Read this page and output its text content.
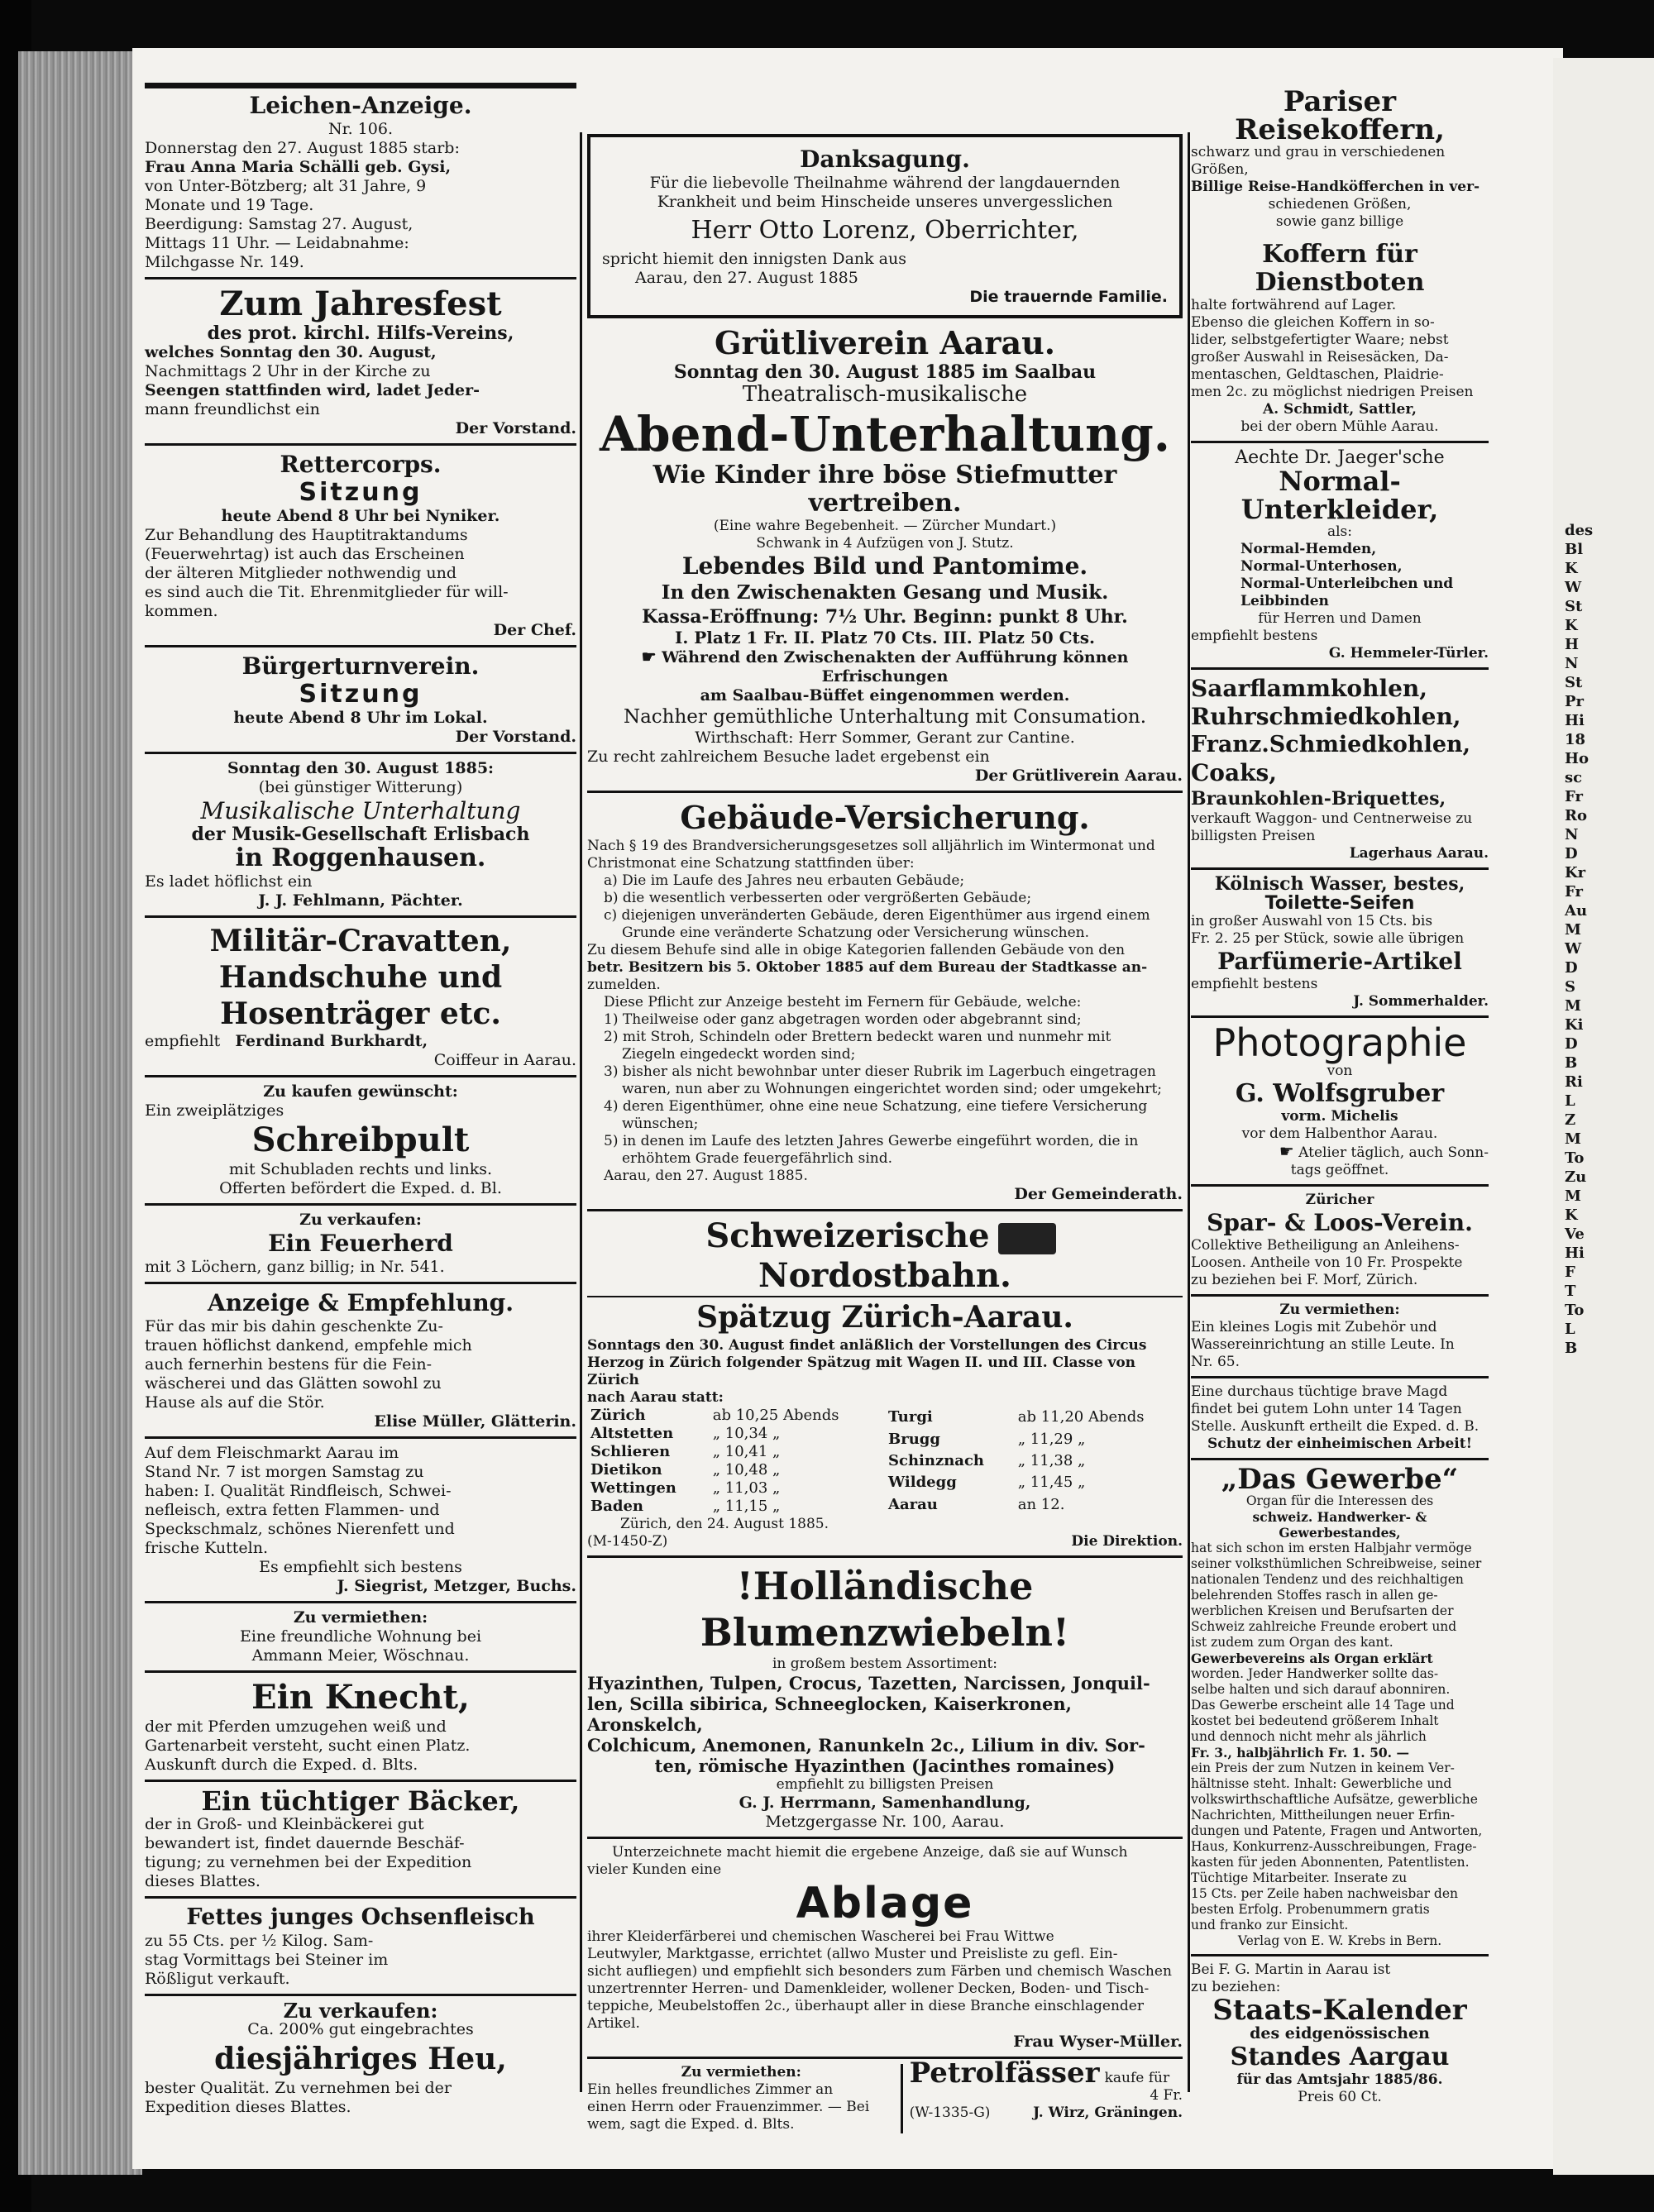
Leichen-Anzeige.

Nr. 106.

Donnerstag den 27. August 1885 starb:

Frau Anna Maria Schälli geb. Gysi,

von Unter-Bötzberg; alt 31 Jahre, 9

Monate und 19 Tage.

Beerdigung: Samstag 27. August,

Mittags 11 Uhr. — Leidabnahme:

Milchgasse Nr. 149.

Zum Jahresfest

des prot. kirchl. Hilfs-Vereins,

welches Sonntag den 30. August,

Nachmittags 2 Uhr in der Kirche zu

Seengen stattfinden wird, ladet Jeder-

mann freundlichst ein

Der Vorstand.

Rettercorps.

Sitzung

heute Abend 8 Uhr bei Nyniker.

Zur Behandlung des Hauptitraktandums

(Feuerwehrtag) ist auch das Erscheinen

der älteren Mitglieder nothwendig und

es sind auch die Tit. Ehrenmitglieder für will-

kommen.

Der Chef.

Bürgerturnverein.

Sitzung

heute Abend 8 Uhr im Lokal.

Der Vorstand.

Sonntag den 30. August 1885:

(bei günstiger Witterung)

Musikalische Unterhaltung

der Musik-Gesellschaft Erlisbach

in Roggenhausen.

Es ladet höflichst ein

J. J. Fehlmann, Pächter.

Militär-Cravatten,

Handschuhe und

Hosenträger etc.

empfiehlt Ferdinand Burkhardt,

Coiffeur in Aarau.

Zu kaufen gewünscht:

Ein zweiplätziges

Schreibpult

mit Schubladen rechts und links.

Offerten befördert die Exped. d. Bl.

Zu verkaufen:

Ein Feuerherd

mit 3 Löchern, ganz billig; in Nr. 541.

Anzeige & Empfehlung.

Für das mir bis dahin geschenkte Zu-

trauen höflichst dankend, empfehle mich

auch fernerhin bestens für die Fein-

wäscherei und das Glätten sowohl zu

Hause als auf die Stör.

Elise Müller, Glätterin.

Auf dem Fleischmarkt Aarau im

Stand Nr. 7 ist morgen Samstag zu

haben: I. Qualität Rindfleisch, Schwei-

nefleisch, extra fetten Flammen- und

Speckschmalz, schönes Nierenfett und

frische Kutteln.

Es empfiehlt sich bestens

J. Siegrist, Metzger, Buchs.

Zu vermiethen:

Eine freundliche Wohnung bei

Ammann Meier, Wöschnau.

Ein Knecht,

der mit Pferden umzugehen weiß und

Gartenarbeit versteht, sucht einen Platz.

Auskunft durch die Exped. d. Blts.

Ein tüchtiger Bäcker,

der in Groß- und Kleinbäckerei gut

bewandert ist, findet dauernde Beschäf-

tigung; zu vernehmen bei der Expedition

dieses Blattes.

Fettes junges Ochsenfleisch

zu 55 Cts. per ½ Kilog. Sam-

stag Vormittags bei Steiner im

Rößligut verkauft.

Zu verkaufen:

Ca. 200% gut eingebrachtes

diesjähriges Heu,

bester Qualität. Zu vernehmen bei der

Expedition dieses Blattes.

Danksagung.

Für die liebevolle Theilnahme während der langdauernden

Krankheit und beim Hinscheide unseres unvergesslichen

Herr Otto Lorenz, Oberrichter,

spricht hiemit den innigsten Dank aus

Aarau, den 27. August 1885

Die trauernde Familie.

Grütliverein Aarau.

Sonntag den 30. August 1885 im Saalbau

Theatralisch-musikalische

Abend-Unterhaltung.

Wie Kinder ihre böse Stiefmutter vertreiben.

(Eine wahre Begebenheit. — Zürcher Mundart.)

Schwank in 4 Aufzügen von J. Stutz.

Lebendes Bild und Pantomime.

In den Zwischenakten Gesang und Musik.

Kassa-Eröffnung: 7½ Uhr. Beginn: punkt 8 Uhr.

I. Platz 1 Fr. II. Platz 70 Cts. III. Platz 50 Cts.

☛ Während den Zwischenakten der Aufführung können Erfrischungen

am Saalbau-Büffet eingenommen werden.

Nachher gemüthliche Unterhaltung mit Consumation.

Wirthschaft: Herr Sommer, Gerant zur Cantine.

Zu recht zahlreichem Besuche ladet ergebenst ein

Der Grütliverein Aarau.

Gebäude-Versicherung.

Nach § 19 des Brandversicherungsgesetzes soll alljährlich im Wintermonat und

Christmonat eine Schatzung stattfinden über:

a) Die im Laufe des Jahres neu erbauten Gebäude;

b) die wesentlich verbesserten oder vergrößerten Gebäude;

c) diejenigen unveränderten Gebäude, deren Eigenthümer aus irgend einem

Grunde eine veränderte Schatzung oder Versicherung wünschen.

Zu diesem Behufe sind alle in obige Kategorien fallenden Gebäude von den

betr. Besitzern bis 5. Oktober 1885 auf dem Bureau der Stadtkasse an-

zumelden.

Diese Pflicht zur Anzeige besteht im Fernern für Gebäude, welche:

1) Theilweise oder ganz abgetragen worden oder abgebrannt sind;

2) mit Stroh, Schindeln oder Brettern bedeckt waren und nunmehr mit

Ziegeln eingedeckt worden sind;

3) bisher als nicht bewohnbar unter dieser Rubrik im Lagerbuch eingetragen

waren, nun aber zu Wohnungen eingerichtet worden sind; oder umgekehrt;

4) deren Eigenthümer, ohne eine neue Schatzung, eine tiefere Versicherung

wünschen;

5) in denen im Laufe des letzten Jahres Gewerbe eingeführt worden, die in

erhöhtem Grade feuergefährlich sind.

Aarau, den 27. August 1885.

Der Gemeinderath.

SchweizerischeNordostbahn.

Spätzug Zürich-Aarau.

Sonntags den 30. August findet anläßlich der Vorstellungen des Circus

Herzog in Zürich folgender Spätzug mit Wagen II. und III. Classe von Zürich

nach Aarau statt:

Zürich	ab 10,25 Abends
Altstetten	„ 10,34 „
Schlieren	„ 10,41 „
Dietikon	„ 10,48 „
Wettingen	„ 11,03 „
Baden	„ 11,15 „
Turgi	ab 11,20 Abends
Brugg	„ 11,29 „
Schinznach	„ 11,38 „
Wildegg	„ 11,45 „
Aarau	an 12.

Zürich, den 24. August 1885.

(M-1450-Z)	Die Direktion.

!Holländische Blumenzwiebeln!

in großem bestem Assortiment:

Hyazinthen, Tulpen, Crocus, Tazetten, Narcissen, Jonquil-

len, Scilla sibirica, Schneeglocken, Kaiserkronen, Aronskelch,

Colchicum, Anemonen, Ranunkeln 2c., Lilium in div. Sor-

ten, römische Hyazinthen (Jacinthes romaines)

empfiehlt zu billigsten Preisen

G. J. Herrmann, Samenhandlung,

Metzgergasse Nr. 100, Aarau.

Unterzeichnete macht hiemit die ergebene Anzeige, daß sie auf Wunsch

vieler Kunden eine

Ablage

ihrer Kleiderfärberei und chemischen Wascherei bei Frau Wittwe

Leutwyler, Marktgasse, errichtet (allwo Muster und Preisliste zu gefl. Ein-

sicht aufliegen) und empfiehlt sich besonders zum Färben und chemisch Waschen

unzertrennter Herren- und Damenkleider, wollener Decken, Boden- und Tisch-

teppiche, Meubelstoffen 2c., überhaupt aller in diese Branche einschlagender

Artikel.

Frau Wyser-Müller.

Zu vermiethen:

Ein helles freundliches Zimmer an

einen Herrn oder Frauenzimmer. — Bei

wem, sagt die Exped. d. Blts.

Petrolfässer kaufe für

4 Fr.

(W-1335-G)	J. Wirz, Gräningen.

Pariser Reisekoffern,

schwarz und grau in verschiedenen Größen,

Billige Reise-Handköfferchen in ver-

schiedenen Größen,

sowie ganz billige

Koffern für Dienstboten

halte fortwährend auf Lager.

Ebenso die gleichen Koffern in so-

lider, selbstgefertigter Waare; nebst

großer Auswahl in Reisesäcken, Da-

mentaschen, Geldtaschen, Plaidrie-

men 2c. zu möglichst niedrigen Preisen

A. Schmidt, Sattler,

bei der obern Mühle Aarau.

Aechte Dr. Jaeger'sche

Normal-Unterkleider,

als:

Normal-Hemden,

Normal-Unterhosen,

Normal-Unterleibchen und

Leibbinden

für Herren und Damen

empfiehlt bestens

G. Hemmeler-Türler.

Saarflammkohlen,

Ruhrschmiedkohlen,

Franz.Schmiedkohlen,

Coaks,

Braunkohlen-Briquettes,

verkauft Waggon- und Centnerweise zu

billigsten Preisen

Lagerhaus Aarau.

Kölnisch Wasser, bestes,

Toilette-Seifen

in großer Auswahl von 15 Cts. bis

Fr. 2. 25 per Stück, sowie alle übrigen

Parfümerie-Artikel

empfiehlt bestens

J. Sommerhalder.

Photographie

von

G. Wolfsgruber

vorm. Michelis

vor dem Halbenthor Aarau.

☛ Atelier täglich, auch Sonn-

tags geöffnet.

Züricher

Spar- & Loos-Verein.

Collektive Betheiligung an Anleihens-

Loosen. Antheile von 10 Fr. Prospekte

zu beziehen bei F. Morf, Zürich.

Zu vermiethen:

Ein kleines Logis mit Zubehör und

Wassereinrichtung an stille Leute. In

Nr. 65.

Eine durchaus tüchtige brave Magd

findet bei gutem Lohn unter 14 Tagen

Stelle. Auskunft ertheilt die Exped. d. B.

Schutz der einheimischen Arbeit!

„Das Gewerbe“

Organ für die Interessen des

schweiz. Handwerker- & Gewerbestandes,

hat sich schon im ersten Halbjahr vermöge

seiner volksthümlichen Schreibweise, seiner

nationalen Tendenz und des reichhaltigen

belehrenden Stoffes rasch in allen ge-

werblichen Kreisen und Berufsarten der

Schweiz zahlreiche Freunde erobert und

ist zudem zum Organ des kant.

Gewerbevereins als Organ erklärt

worden. Jeder Handwerker sollte das-

selbe halten und sich darauf abonniren.

Das Gewerbe erscheint alle 14 Tage und

kostet bei bedeutend größerem Inhalt

und dennoch nicht mehr als jährlich

Fr. 3., halbjährlich Fr. 1. 50. —

ein Preis der zum Nutzen in keinem Ver-

hältnisse steht. Inhalt: Gewerbliche und

volkswirthschaftliche Aufsätze, gewerbliche

Nachrichten, Mittheilungen neuer Erfin-

dungen und Patente, Fragen und Antworten,

Haus, Konkurrenz-Ausschreibungen, Frage-

kasten für jeden Abonnenten, Patentlisten.

Tüchtige Mitarbeiter. Inserate zu

15 Cts. per Zeile haben nachweisbar den

besten Erfolg. Probenummern gratis

und franko zur Einsicht.

Verlag von E. W. Krebs in Bern.

Bei F. G. Martin in Aarau ist

zu beziehen:

Staats-Kalender

des eidgenössischen

Standes Aargau

für das Amtsjahr 1885/86.

Preis 60 Ct.

des

Bl

K

W

St

K

H

N

St

Pr

Hi

18

Ho

sc

Fr

Ro

N

D

Kr

Fr

Au

M

W

D

S

M

Ki

D

B

Ri

L

Z

M

To

Zu

M

K

Ve

Hi

F

T

To

L

B
